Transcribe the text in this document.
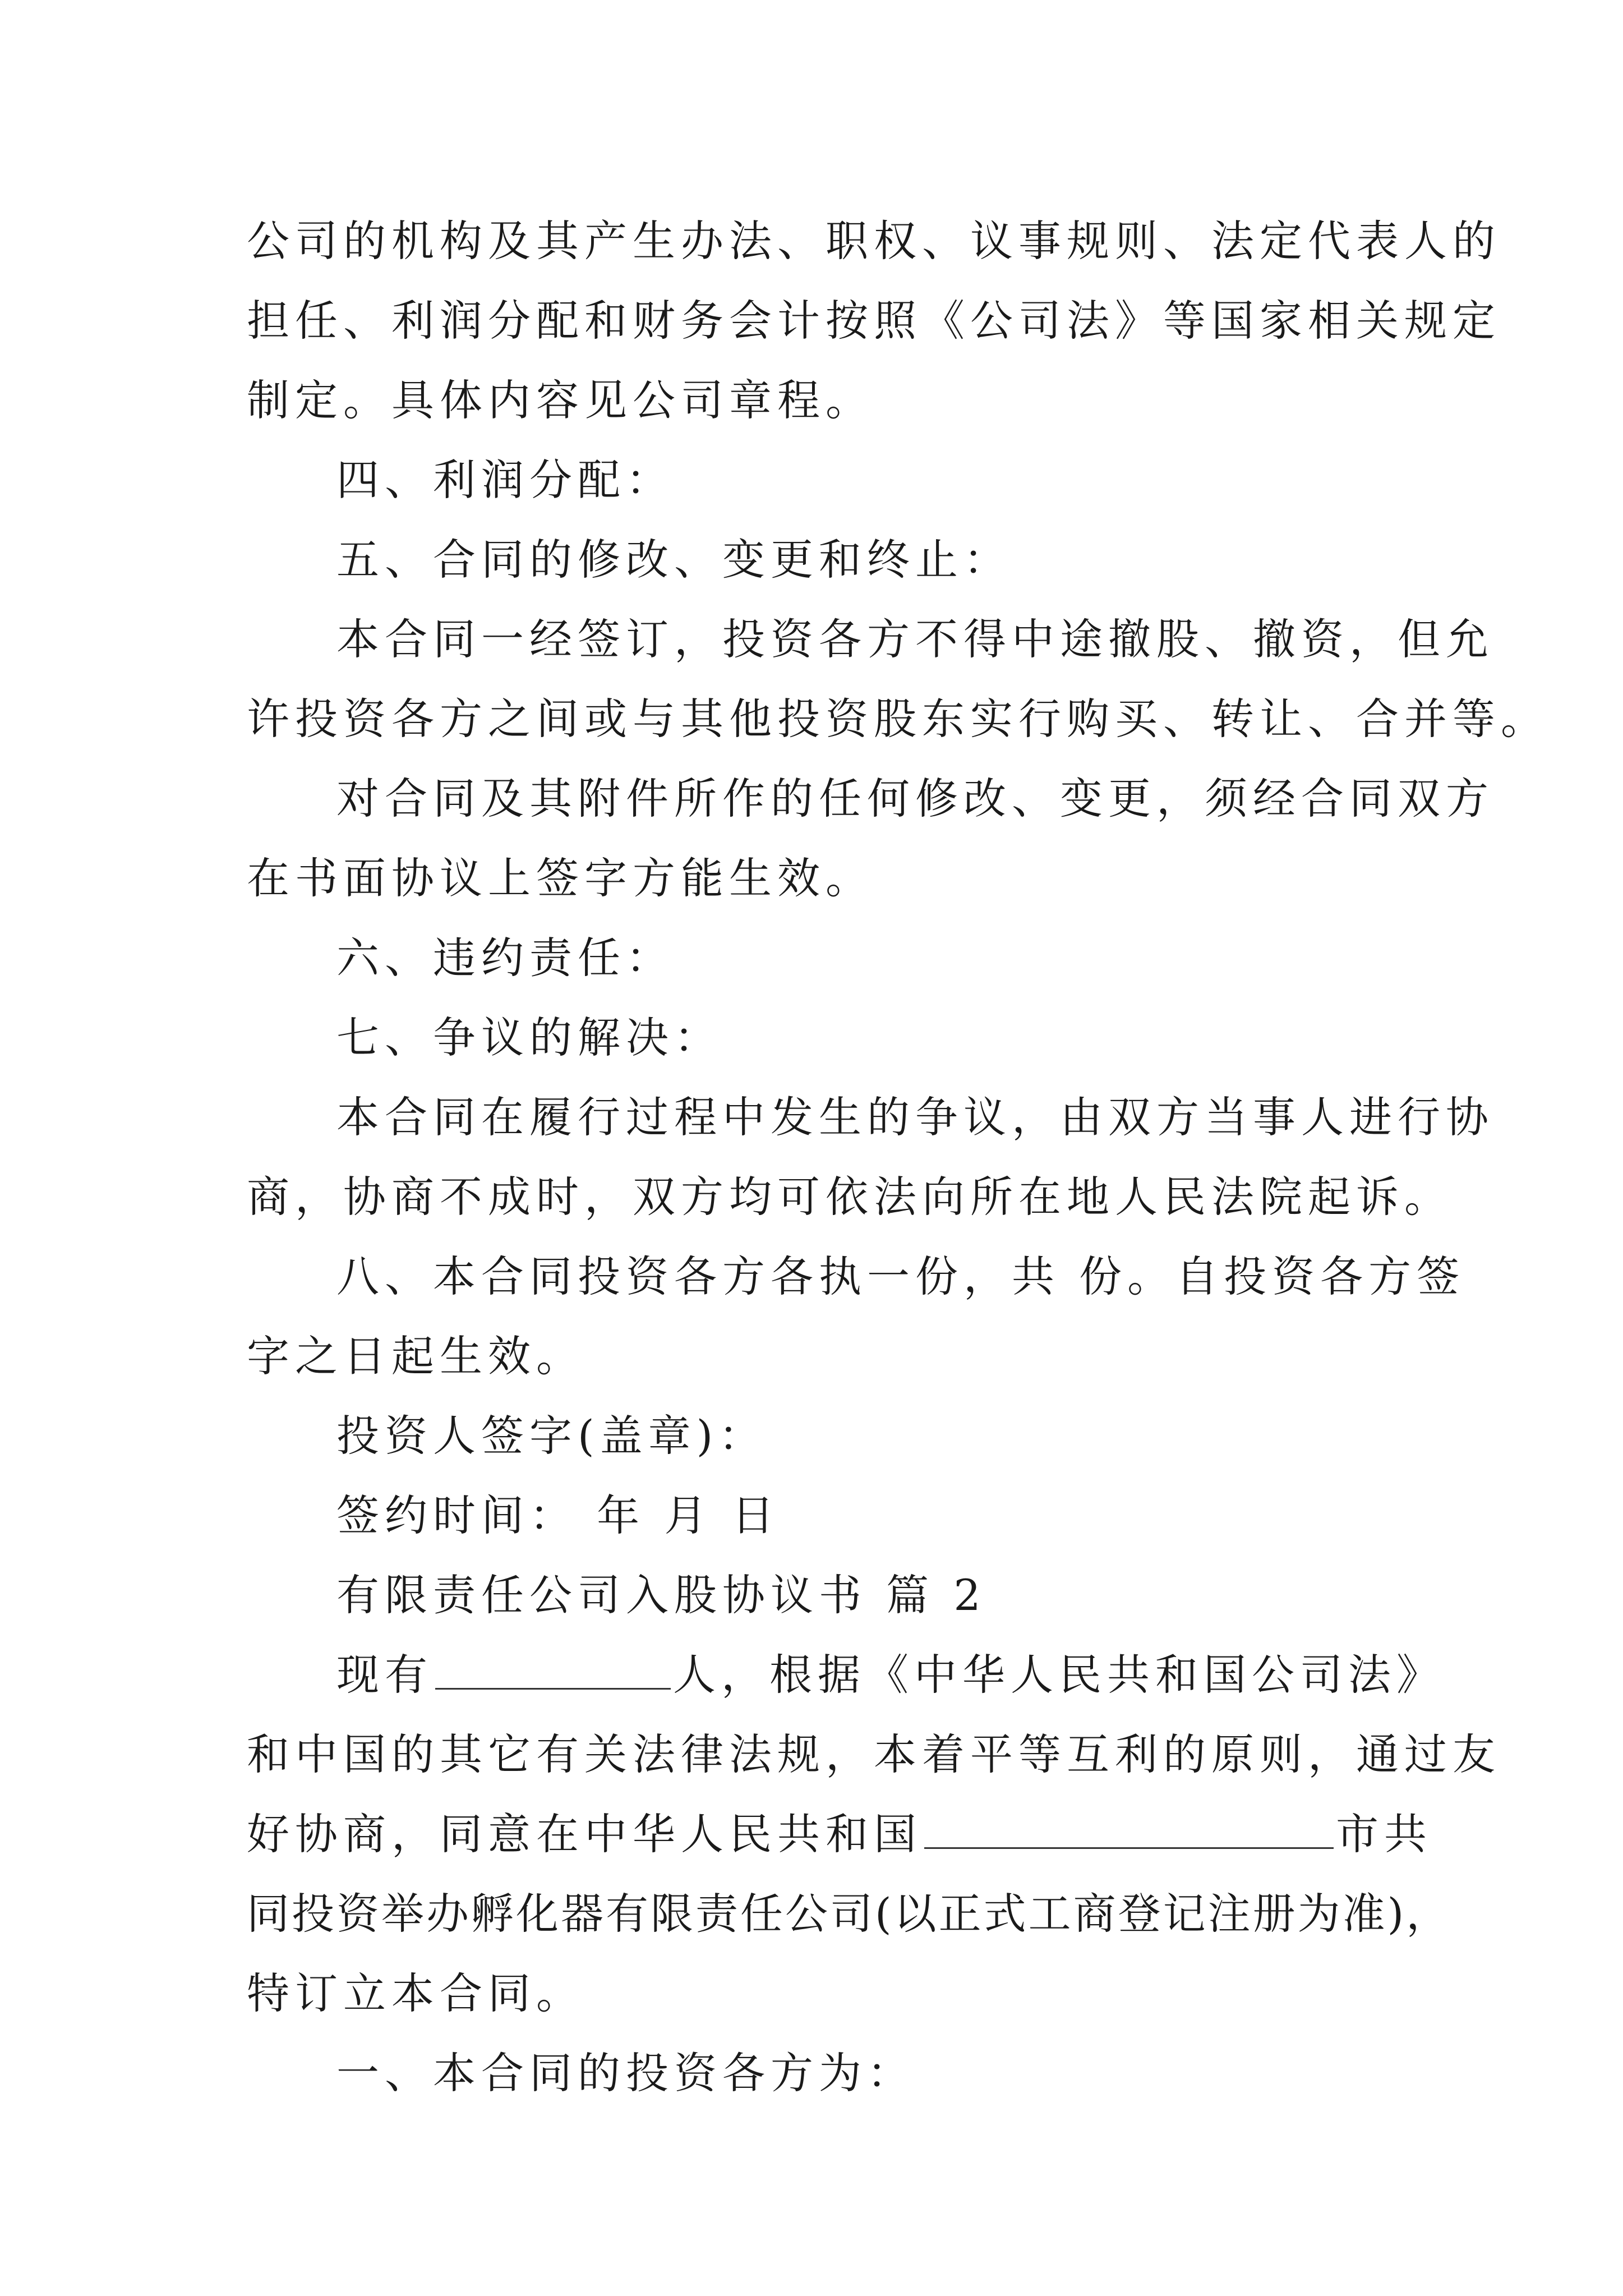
公司的机构及其产生办法、职权、议事规则、法定代表人的
担任、利润分配和财务会计按照《公司法》等国家相关规定
制定。具体内容见公司章程。
四、利润分配：
五、合同的修改、变更和终止：
本合同一经签订，投资各方不得中途撤股、撤资，但允
许投资各方之间或与其他投资股东实行购买、转让、合并等。
对合同及其附件所作的任何修改、变更，须经合同双方
在书面协议上签字方能生效。
六、违约责任：
七、争议的解决：
本合同在履行过程中发生的争议，由双方当事人进行协
商，协商不成时，双方均可依法向所在地人民法院起诉。
八、本合同投资各方各执一份，共 份。自投资各方签
字之日起生效。
投资人签字(盖章)：
签约时间： 年 月 日
有限责任公司入股协议书 篇 2
现有	人，根据《中华人民共和国公司法》
和中国的其它有关法律法规，本着平等互利的原则，通过友
好协商，同意在中华人民共和国	市共
同投资举办孵化器有限责任公司(以正式工商登记注册为准)，
特订立本合同。
一、本合同的投资各方为：
